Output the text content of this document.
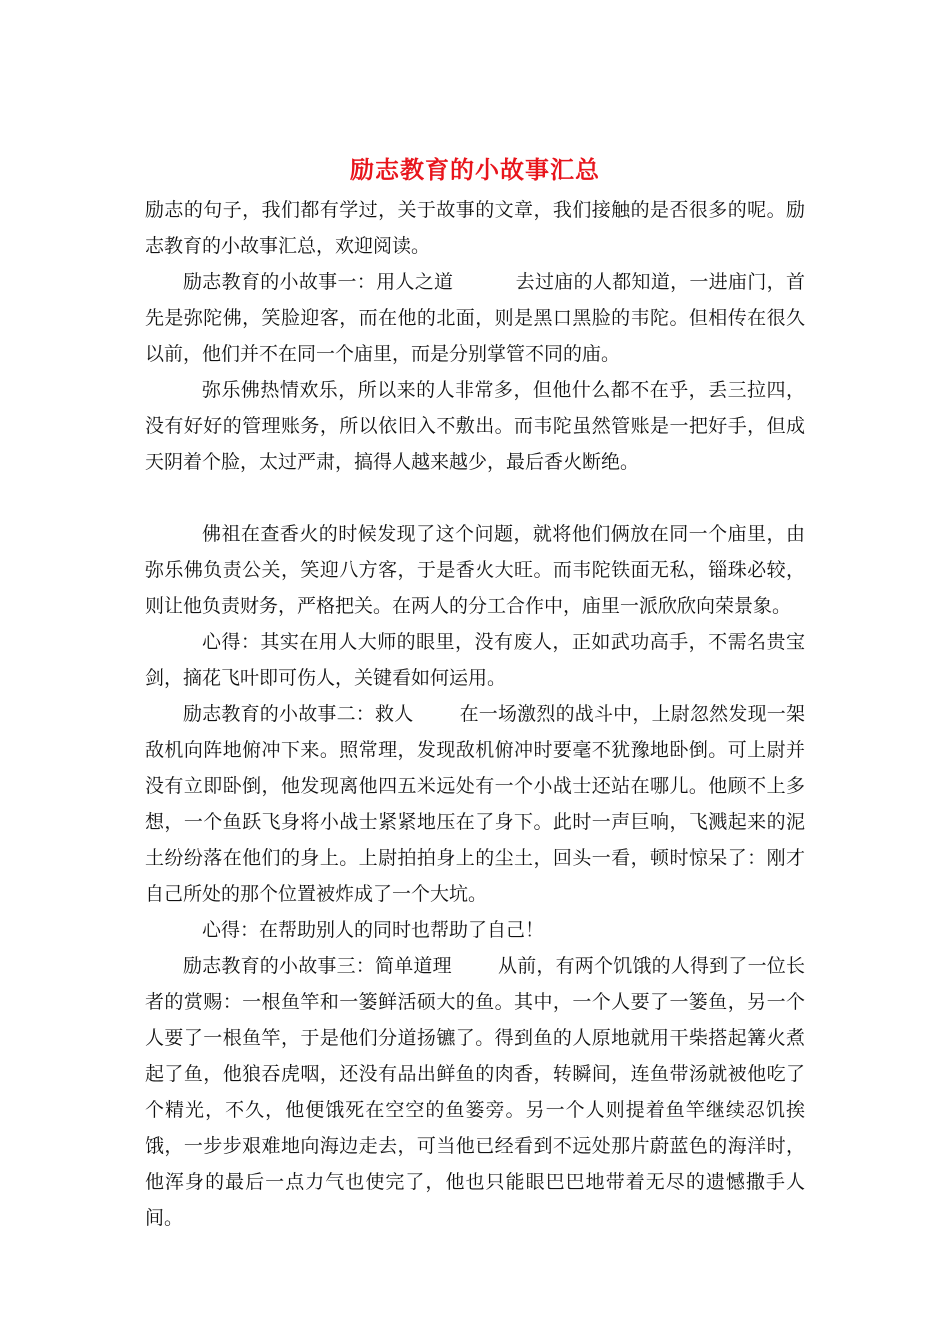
励志教育的小故事汇总

励志的句子，我们都有学过，关于故事的文章，我们接触的是否很多的呢。励志教育的小故事汇总，欢迎阅读。

励志教育的小故事一：用人之道	去过庙的人都知道，一进庙门，首先是弥陀佛，笑脸迎客，而在他的北面，则是黑口黑脸的韦陀。但相传在很久以前，他们并不在同一个庙里，而是分别掌管不同的庙。

弥乐佛热情欢乐，所以来的人非常多，但他什么都不在乎，丢三拉四，没有好好的管理账务，所以依旧入不敷出。而韦陀虽然管账是一把好手，但成天阴着个脸，太过严肃，搞得人越来越少，最后香火断绝。

佛祖在查香火的时候发现了这个问题，就将他们俩放在同一个庙里，由弥乐佛负责公关，笑迎八方客，于是香火大旺。而韦陀铁面无私，锱珠必较，则让他负责财务，严格把关。在两人的分工合作中，庙里一派欣欣向荣景象。

心得：其实在用人大师的眼里，没有废人，正如武功高手，不需名贵宝剑，摘花飞叶即可伤人，关键看如何运用。

励志教育的小故事二：救人 在一场激烈的战斗中，上尉忽然发现一架敌机向阵地俯冲下来。照常理，发现敌机俯冲时要毫不犹豫地卧倒。可上尉并没有立即卧倒，他发现离他四五米远处有一个小战士还站在哪儿。他顾不上多想，一个鱼跃飞身将小战士紧紧地压在了身下。此时一声巨响，飞溅起来的泥土纷纷落在他们的身上。上尉拍拍身上的尘土，回头一看，顿时惊呆了：刚才自己所处的那个位置被炸成了一个大坑。

心得：在帮助别人的同时也帮助了自己！

励志教育的小故事三：简单道理 从前，有两个饥饿的人得到了一位长者的赏赐：一根鱼竿和一篓鲜活硕大的鱼。其中，一个人要了一篓鱼，另一个人要了一根鱼竿，于是他们分道扬镳了。得到鱼的人原地就用干柴搭起篝火煮起了鱼，他狼吞虎咽，还没有品出鲜鱼的肉香，转瞬间，连鱼带汤就被他吃了个精光，不久，他便饿死在空空的鱼篓旁。另一个人则提着鱼竿继续忍饥挨饿，一步步艰难地向海边走去，可当他已经看到不远处那片蔚蓝色的海洋时，他浑身的最后一点力气也使完了，他也只能眼巴巴地带着无尽的遗憾撒手人间。
